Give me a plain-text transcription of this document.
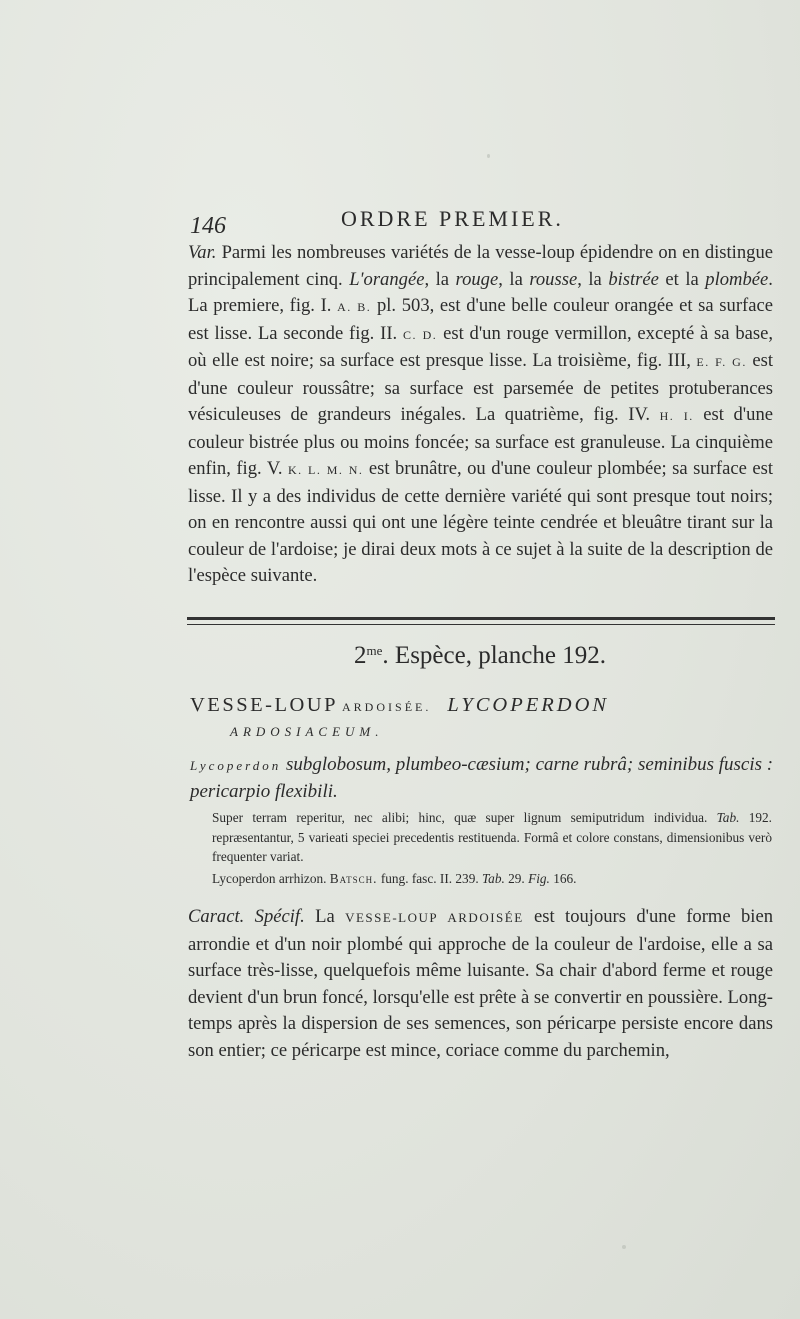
146	ORDRE PREMIER.

Var. Parmi les nombreuses variétés de la vesse-loup épidendre on en distingue principalement cinq. L'orangée, la rouge, la rousse, la bistrée et la plombée. La premiere, fig. I. A. B. pl. 503, est d'une belle couleur orangée et sa surface est lisse. La seconde fig. II. C. D. est d'un rouge vermillon, excepté à sa base, où elle est noire; sa surface est presque lisse. La troisième, fig. III, E. F. G. est d'une couleur roussâtre; sa surface est parsemée de petites protuberances vésiculeuses de grandeurs inégales. La quatrième, fig. IV. H. I. est d'une couleur bistrée plus ou moins foncée; sa surface est granuleuse. La cinquième enfin, fig. V. K. L. M. N. est brunâtre, ou d'une couleur plombée; sa surface est lisse. Il y a des individus de cette dernière variété qui sont presque tout noirs; on en rencontre aussi qui ont une légère teinte cendrée et bleuâtre tirant sur la couleur de l'ardoise; je dirai deux mots à ce sujet à la suite de la description de l'espèce suivante.

$2^{me}$. Espèce, planche 192.
VESSE-LOUP ARDOISÉE. LYCOPERDON
ARDOSIACEUM.
Lycoperdon subglobosum, plumbeo-cæsium; carne rubrâ; seminibus fuscis : pericarpio flexibili.

Super terram reperitur, nec alibi; hinc, quæ super lignum semiputridum individua. Tab. 192. repræsentantur, 5 varieati speciei precedentis restituenda. Formâ et colore constans, dimensionibus verò frequenter variat.

Lycoperdon arrhizon. Batsch. fung. fasc. II. 239. Tab. 29. Fig. 166.

Caract. Spécif. La VESSE-LOUP ARDOISÉE est toujours d'une forme bien arrondie et d'un noir plombé qui approche de la couleur de l'ardoise, elle a sa surface très-lisse, quelquefois même luisante. Sa chair d'abord ferme et rouge devient d'un brun foncé, lorsqu'elle est prête à se convertir en poussière. Long-temps après la dispersion de ses semences, son péricarpe persiste encore dans son entier; ce péricarpe est mince, coriace comme du parchemin,
